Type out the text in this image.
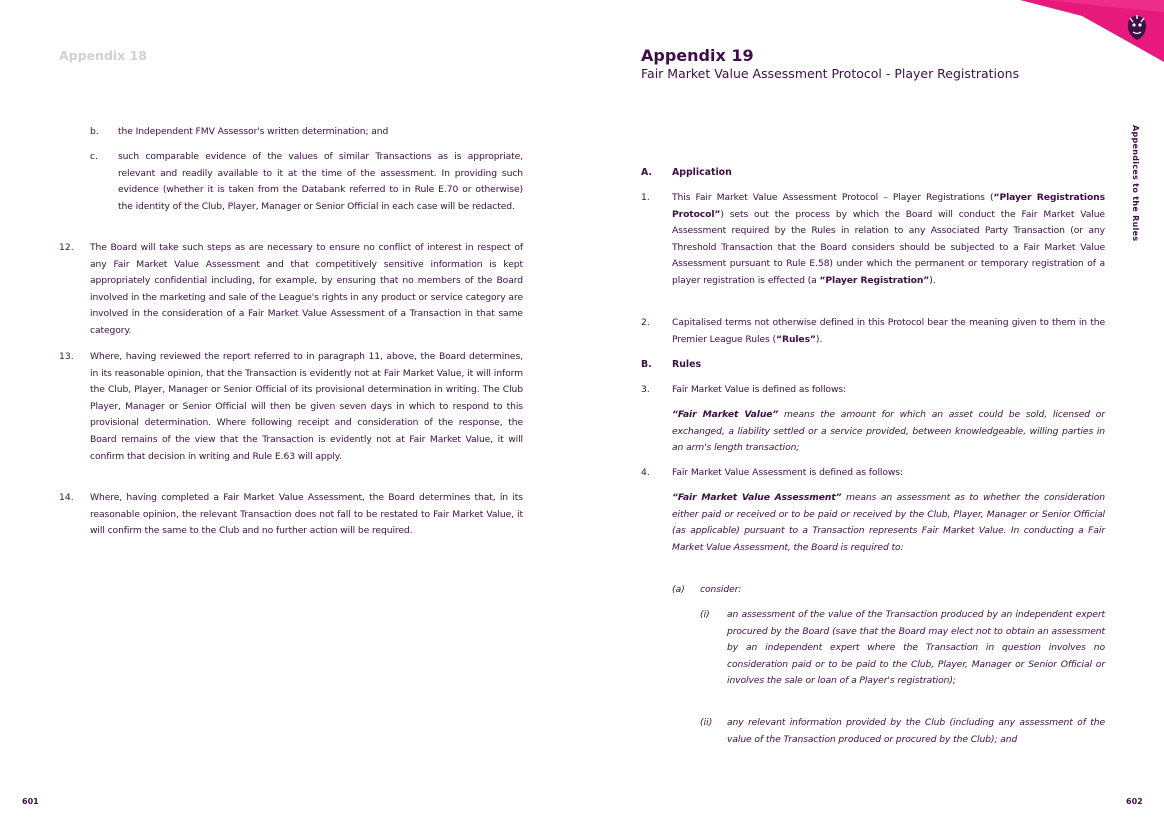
Appendix 18
b. the Independent FMV Assessor's written determination; and
c. such comparable evidence of the values of similar Transactions as is appropriate, relevant and readily available to it at the time of the assessment. In providing such evidence (whether it is taken from the Databank referred to in Rule E.70 or otherwise) the identity of the Club, Player, Manager or Senior Official in each case will be redacted.
12. The Board will take such steps as are necessary to ensure no conflict of interest in respect of any Fair Market Value Assessment and that competitively sensitive information is kept appropriately confidential including, for example, by ensuring that no members of the Board involved in the marketing and sale of the League's rights in any product or service category are involved in the consideration of a Fair Market Value Assessment of a Transaction in that same category.
13. Where, having reviewed the report referred to in paragraph 11, above, the Board determines, in its reasonable opinion, that the Transaction is evidently not at Fair Market Value, it will inform the Club, Player, Manager or Senior Official of its provisional determination in writing. The Club Player, Manager or Senior Official will then be given seven days in which to respond to this provisional determination. Where following receipt and consideration of the response, the Board remains of the view that the Transaction is evidently not at Fair Market Value, it will confirm that decision in writing and Rule E.63 will apply.
14. Where, having completed a Fair Market Value Assessment, the Board determines that, in its reasonable opinion, the relevant Transaction does not fall to be restated to Fair Market Value, it will confirm the same to the Club and no further action will be required.
601
Appendix 19
Fair Market Value Assessment Protocol - Player Registrations
Appendices to the Rules
A. Application
1. This Fair Market Value Assessment Protocol – Player Registrations (“Player Registrations Protocol”) sets out the process by which the Board will conduct the Fair Market Value Assessment required by the Rules in relation to any Associated Party Transaction (or any Threshold Transaction that the Board considers should be subjected to a Fair Market Value Assessment pursuant to Rule E.58) under which the permanent or temporary registration of a player registration is effected (a “Player Registration”).
2. Capitalised terms not otherwise defined in this Protocol bear the meaning given to them in the Premier League Rules (“Rules”).
B. Rules
3. Fair Market Value is defined as follows:
“Fair Market Value” means the amount for which an asset could be sold, licensed or exchanged, a liability settled or a service provided, between knowledgeable, willing parties in an arm's length transaction;
4. Fair Market Value Assessment is defined as follows:
“Fair Market Value Assessment” means an assessment as to whether the consideration either paid or received or to be paid or received by the Club, Player, Manager or Senior Official (as applicable) pursuant to a Transaction represents Fair Market Value. In conducting a Fair Market Value Assessment, the Board is required to:
(a) consider:
(i) an assessment of the value of the Transaction produced by an independent expert procured by the Board (save that the Board may elect not to obtain an assessment by an independent expert where the Transaction in question involves no consideration paid or to be paid to the Club, Player, Manager or Senior Official or involves the sale or loan of a Player's registration);
(ii) any relevant information provided by the Club (including any assessment of the value of the Transaction produced or procured by the Club); and
602
